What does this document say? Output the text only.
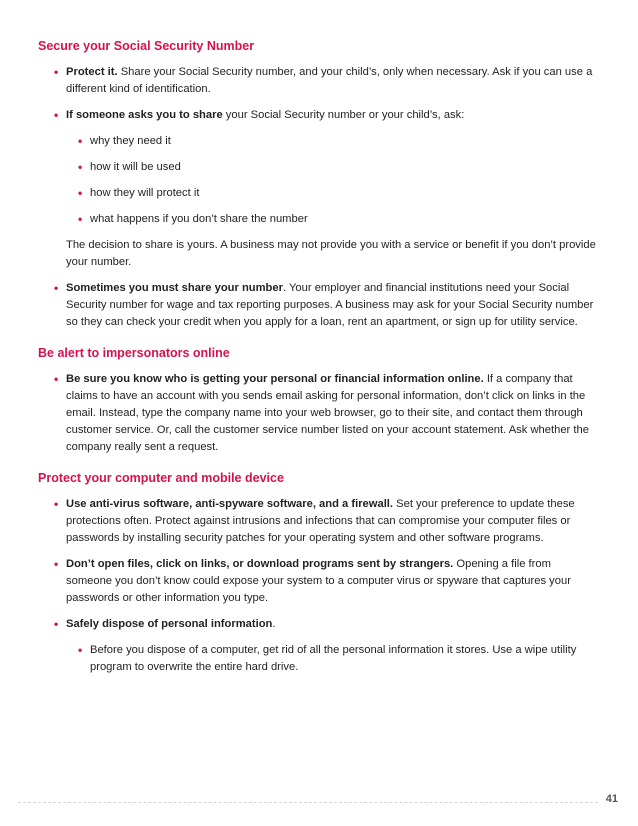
Secure your Social Security Number
• Protect it. Share your Social Security number, and your child’s, only when necessary. Ask if you can use a different kind of identification.
• If someone asks you to share your Social Security number or your child’s, ask:
• why they need it
• how it will be used
• how they will protect it
• what happens if you don’t share the number

The decision to share is yours. A business may not provide you with a service or benefit if you don’t provide your number.

• Sometimes you must share your number. Your employer and financial institutions need your Social Security number for wage and tax reporting purposes. A business may ask for your Social Security number so they can check your credit when you apply for a loan, rent an apartment, or sign up for utility service.
Be alert to impersonators online
• Be sure you know who is getting your personal or financial information online. If a company that claims to have an account with you sends email asking for personal information, don’t click on links in the email. Instead, type the company name into your web browser, go to their site, and contact them through customer service. Or, call the customer service number listed on your account statement. Ask whether the company really sent a request.
Protect your computer and mobile device
• Use anti-virus software, anti-spyware software, and a firewall. Set your preference to update these protections often. Protect against intrusions and infections that can compromise your computer files or passwords by installing security patches for your operating system and other software programs.
• Don’t open files, click on links, or download programs sent by strangers. Opening a file from someone you don’t know could expose your system to a computer virus or spyware that captures your passwords or other information you type.
• Safely dispose of personal information.
• Before you dispose of a computer, get rid of all the personal information it stores. Use a wipe utility program to overwrite the entire hard drive.
41
